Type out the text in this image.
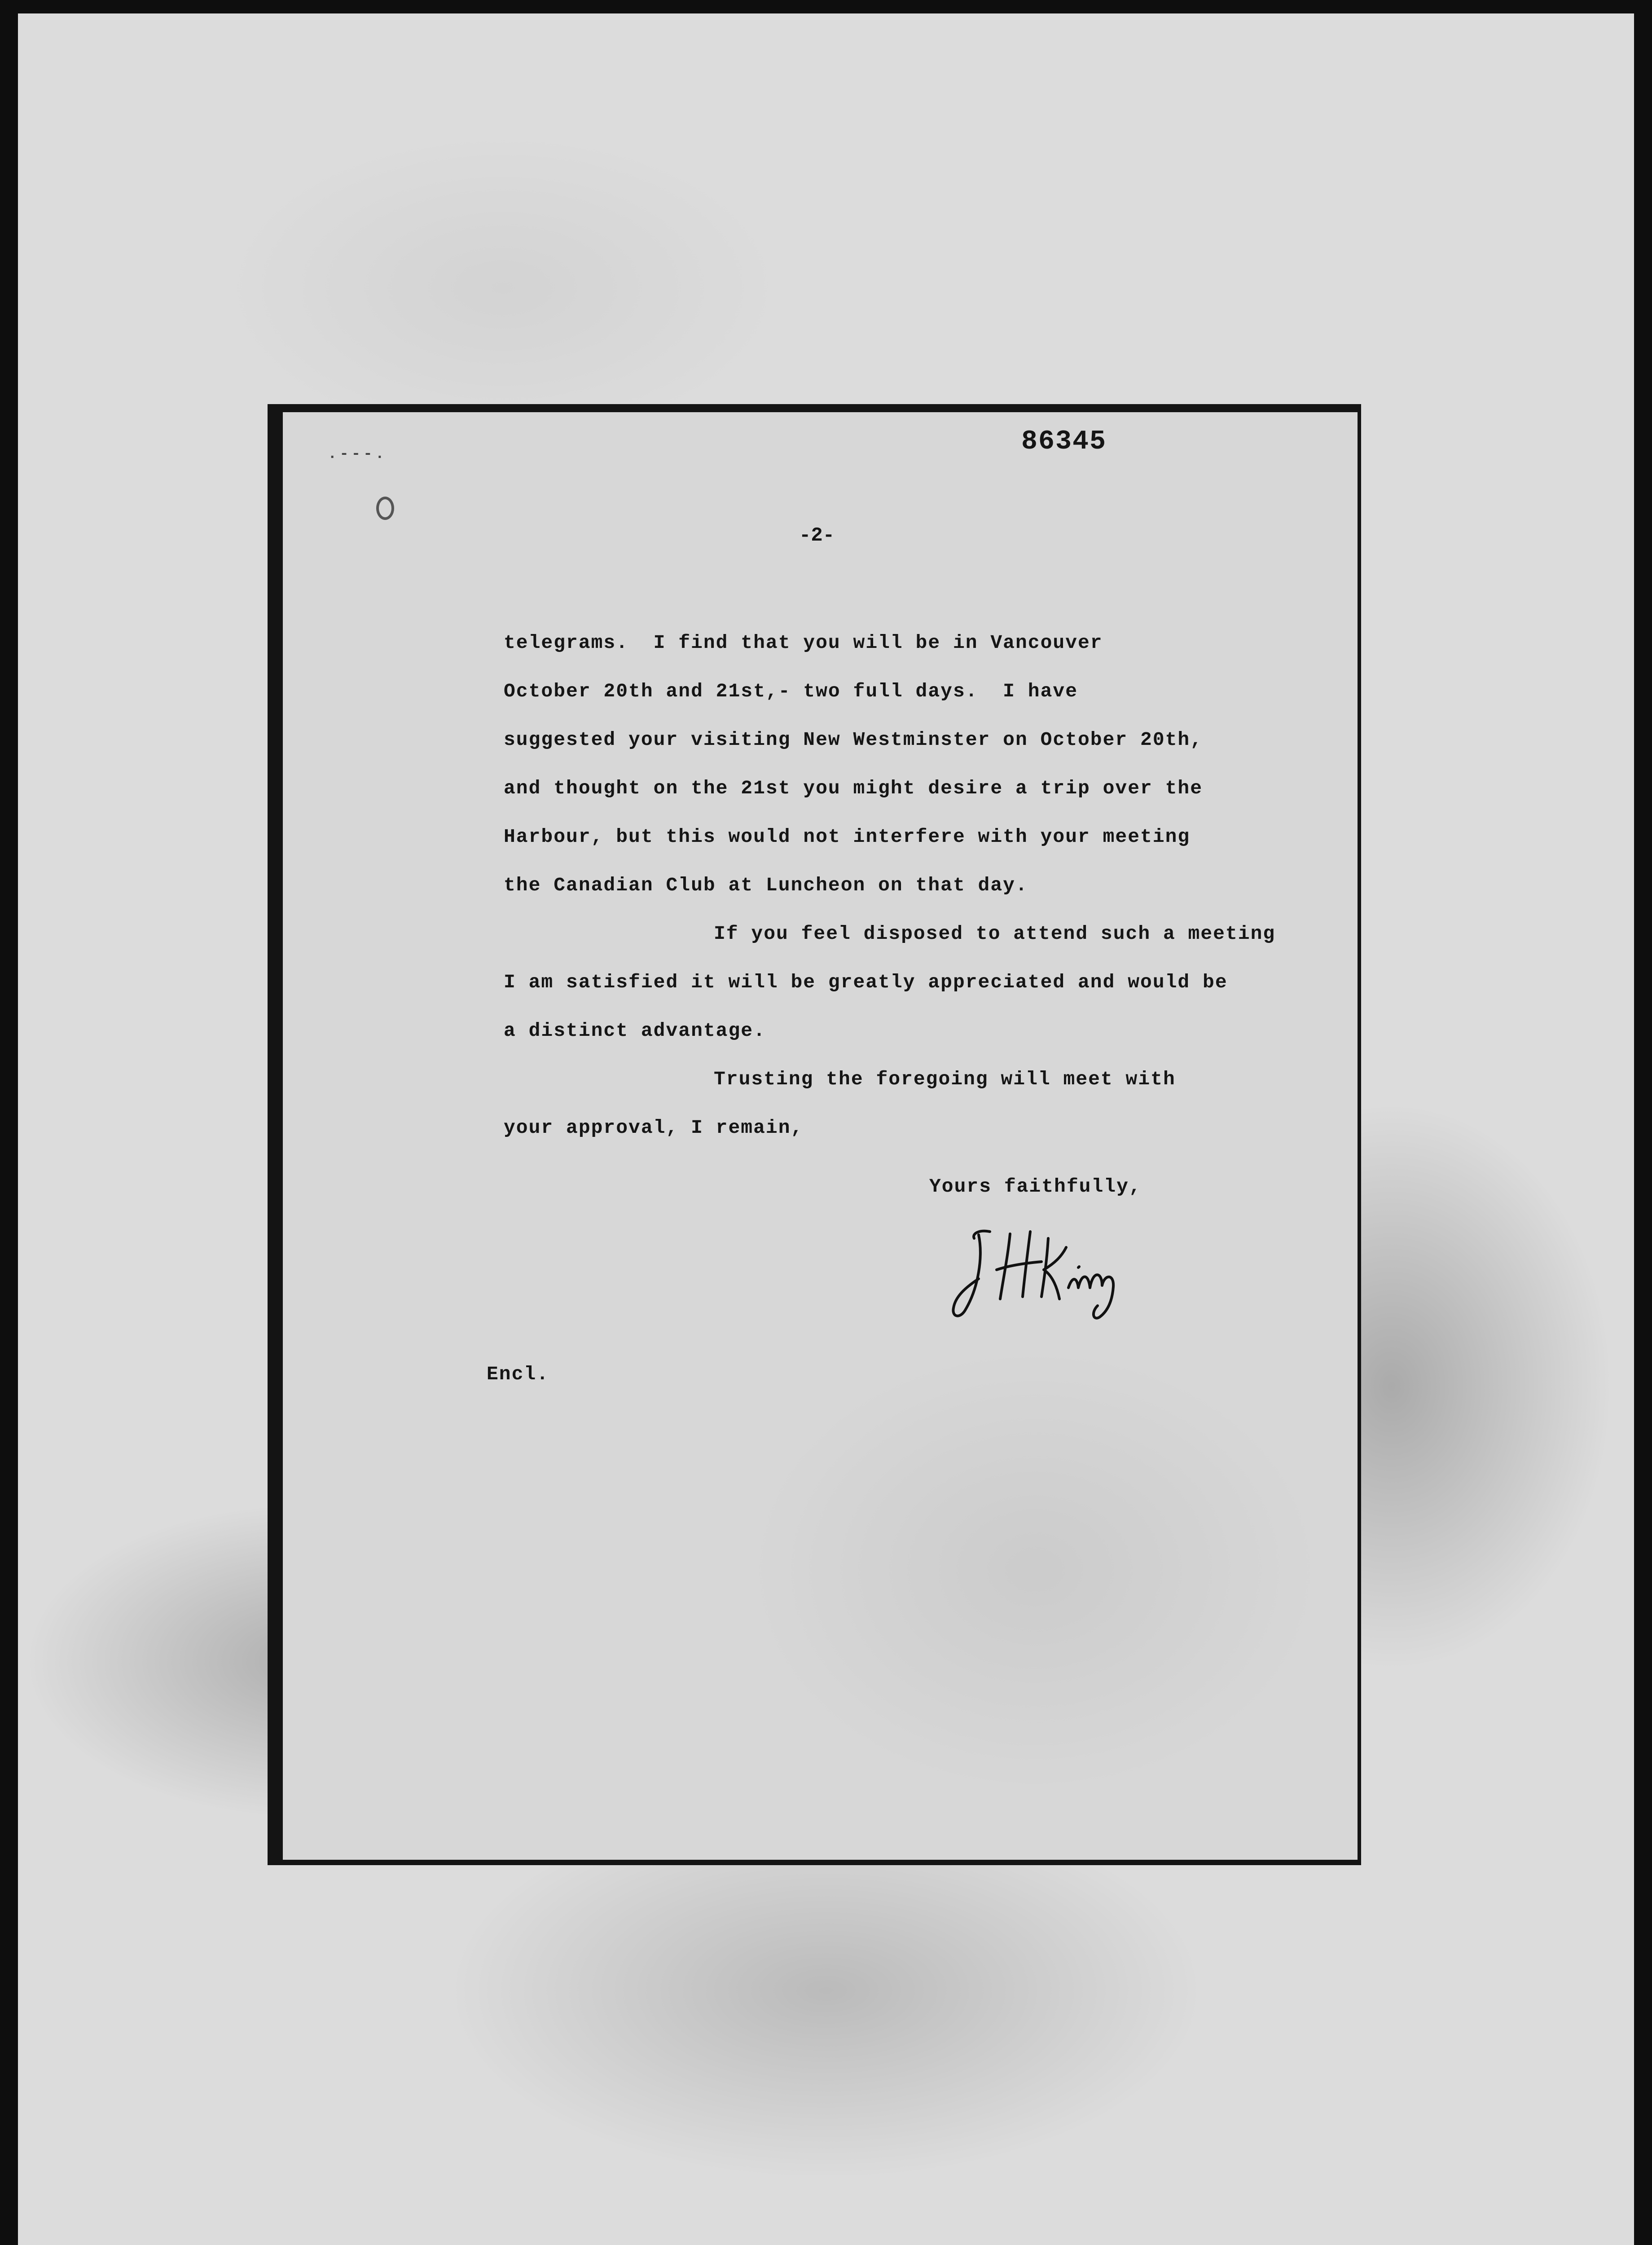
.---.	86345
-2-
telegrams.  I find that you will be in Vancouver
October 20th and 21st,- two full days.  I have
suggested your visiting New Westminster on October 20th,
and thought on the 21st you might desire a trip over the
Harbour, but this would not interfere with your meeting
the Canadian Club at Luncheon on that day.
If you feel disposed to attend such a meeting
I am satisfied it will be greatly appreciated and would be
a distinct advantage.
Trusting the foregoing will meet with
your approval, I remain,
Yours faithfully,
Encl.
